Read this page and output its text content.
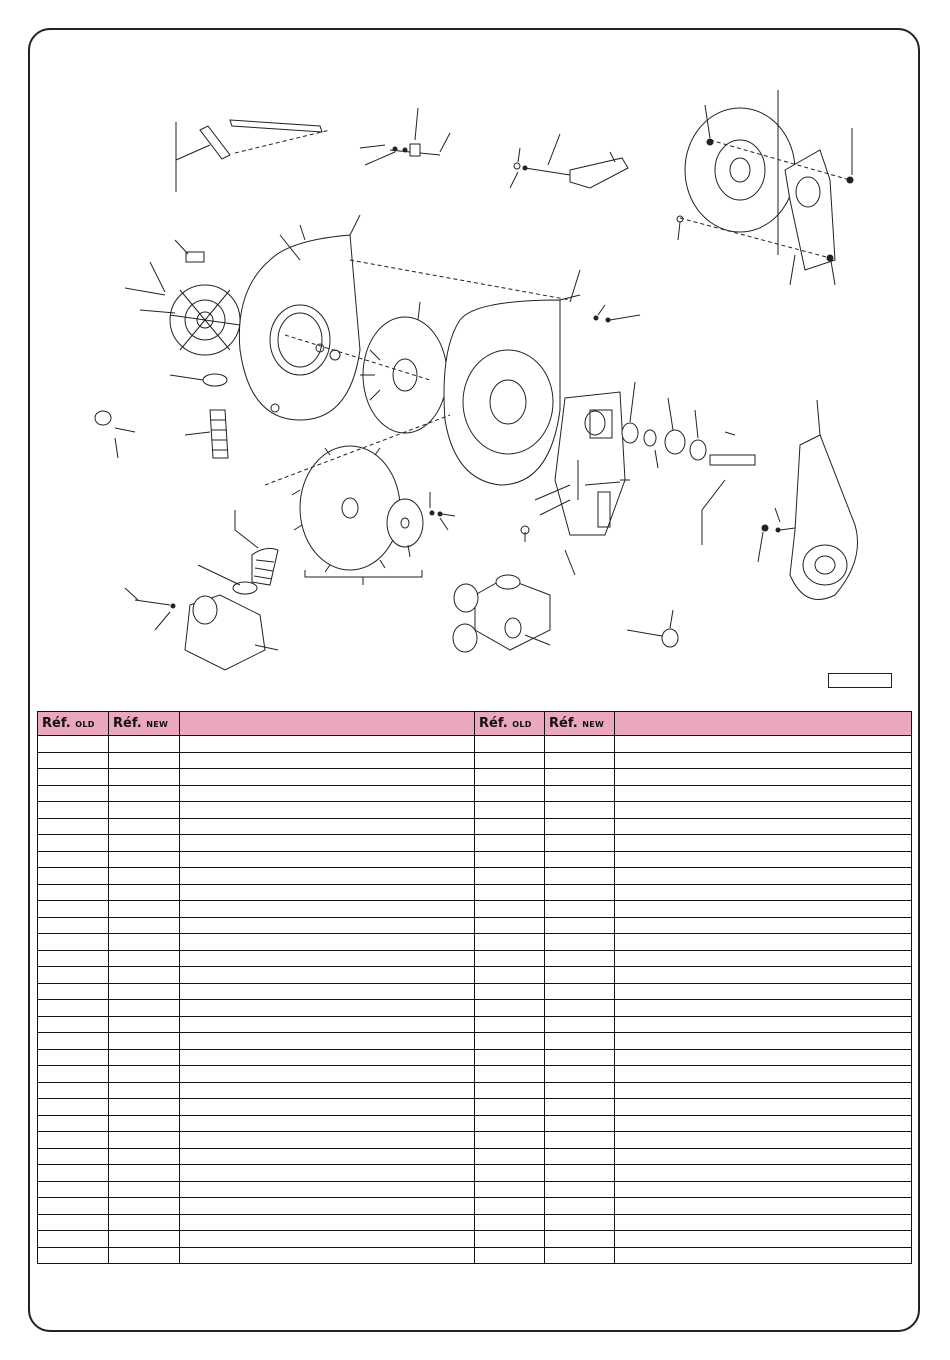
Réf. OLD	Réf. NEW		Réf. OLD	Réf. NEW	
